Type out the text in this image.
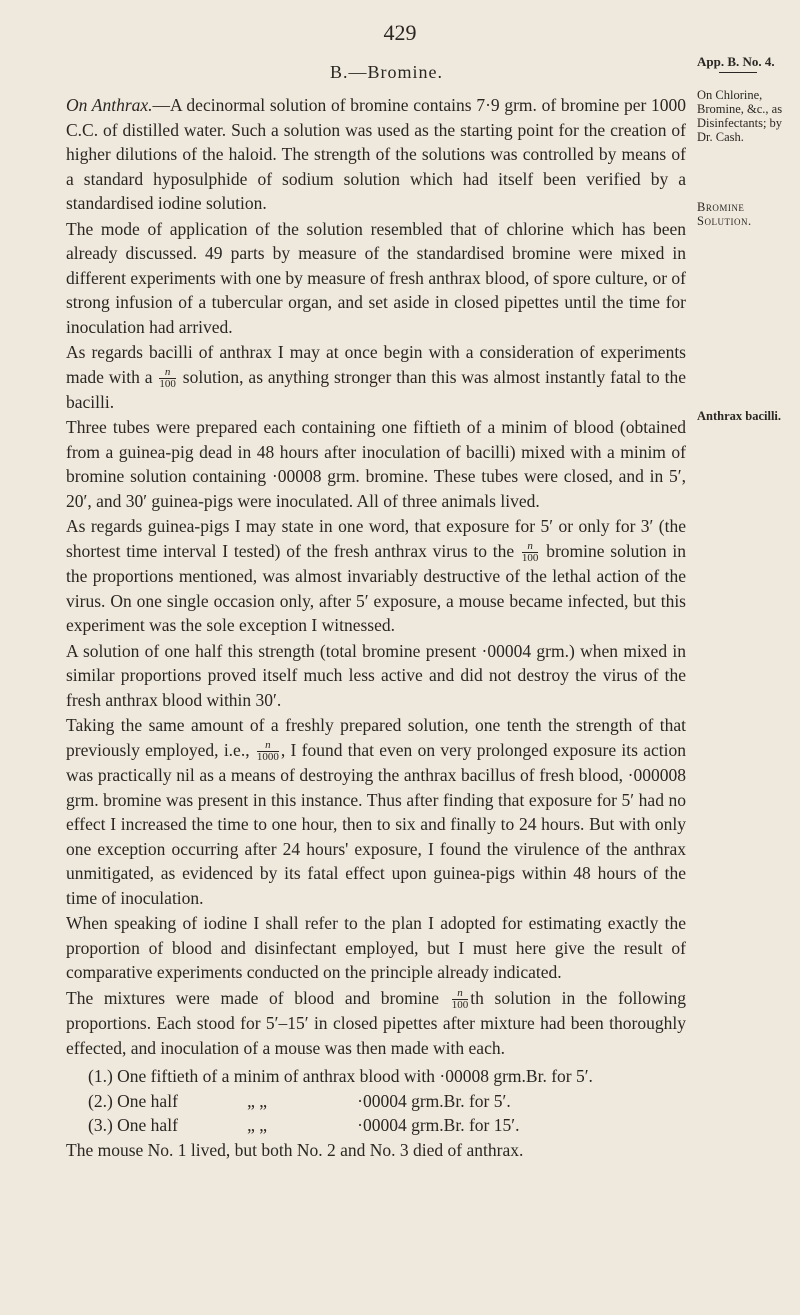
429
B.—Bromine.
App. B. No. 4.
On Chlorine, Bromine, &c., as Disinfectants; by Dr. Cash.
Bromine Solution.
Anthrax bacilli.

On Anthrax.—A decinormal solution of bromine contains 7·9 grm. of bromine per 1000 C.C. of distilled water. Such a solution was used as the starting point for the creation of higher dilutions of the haloid. The strength of the solutions was controlled by means of a standard hyposulphide of sodium solution which had itself been verified by a standardised iodine solution.

The mode of application of the solution resembled that of chlorine which has been already discussed. 49 parts by measure of the standardised bromine were mixed in different experiments with one by measure of fresh anthrax blood, of spore culture, or of strong infusion of a tubercular organ, and set aside in closed pipettes until the time for inoculation had arrived.

As regards bacilli of anthrax I may at once begin with a consideration of experiments made with a $\frac{n}{100}$ solution, as anything stronger than this was almost instantly fatal to the bacilli.

Three tubes were prepared each containing one fiftieth of a minim of blood (obtained from a guinea-pig dead in 48 hours after inoculation of bacilli) mixed with a minim of bromine solution containing ·00008 grm. bromine. These tubes were closed, and in 5′, 20′, and 30′ guinea-pigs were inoculated. All of three animals lived.

As regards guinea-pigs I may state in one word, that exposure for 5′ or only for 3′ (the shortest time interval I tested) of the fresh anthrax virus to the $\frac{n}{100}$ bromine solution in the proportions mentioned, was almost invariably destructive of the lethal action of the virus. On one single occasion only, after 5′ exposure, a mouse became infected, but this experiment was the sole exception I witnessed.

A solution of one half this strength (total bromine present ·00004 grm.) when mixed in similar proportions proved itself much less active and did not destroy the virus of the fresh anthrax blood within 30′.

Taking the same amount of a freshly prepared solution, one tenth the strength of that previously employed, i.e., $\frac{n}{1000}$ , I found that even on very prolonged exposure its action was practically nil as a means of destroying the anthrax bacillus of fresh blood, ·000008 grm. bromine was present in this instance. Thus after finding that exposure for 5′ had no effect I increased the time to one hour, then to six and finally to 24 hours. But with only one exception occurring after 24 hours' exposure, I found the virulence of the anthrax unmitigated, as evidenced by its fatal effect upon guinea-pigs within 48 hours of the time of inoculation.

When speaking of iodine I shall refer to the plan I adopted for estimating exactly the proportion of blood and disinfectant employed, but I must here give the result of comparative experiments conducted on the principle already indicated.

The mixtures were made of blood and bromine $\frac{n}{100}$ th solution in the following proportions. Each stood for 5′–15′ in closed pipettes after mixture had been thoroughly effected, and inoculation of a mouse was then made with each.

(1.) One fiftieth of a minim of anthrax blood with ·00008 grm.Br. for 5′.
(2.) One half	„ „	·00004 grm.Br. for 5′.
(3.) One half	„ „	·00004 grm.Br. for 15′.

The mouse No. 1 lived, but both No. 2 and No. 3 died of anthrax.
